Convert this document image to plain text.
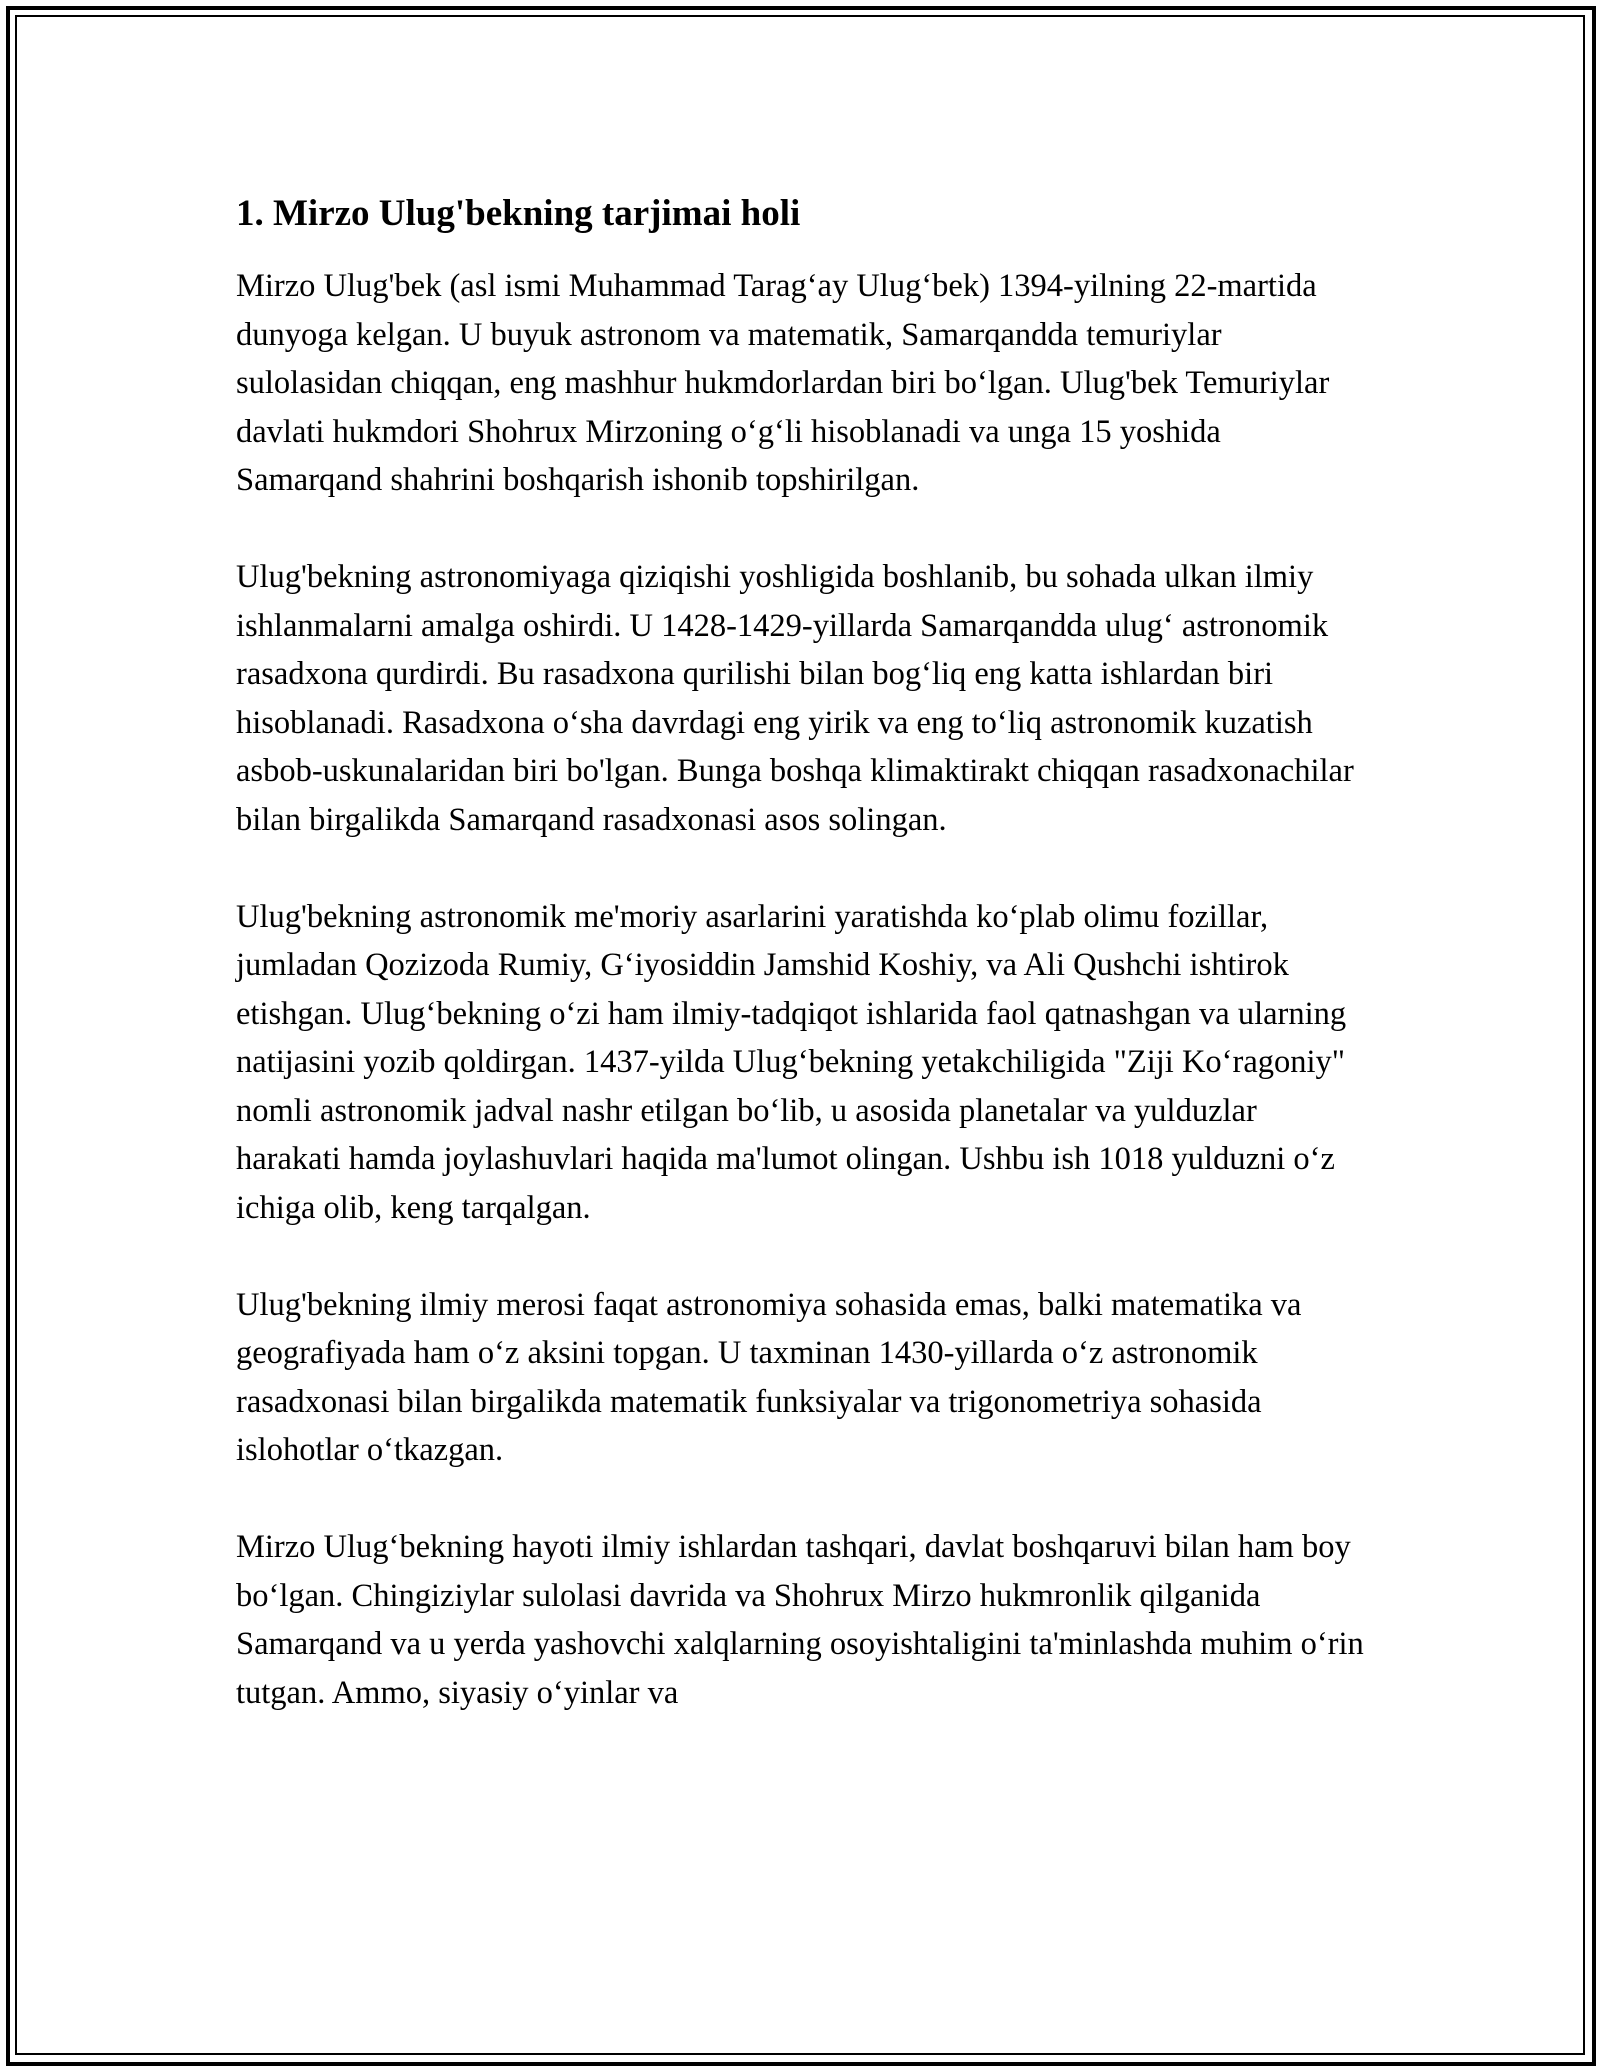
1. Mirzo Ulug'bekning tarjimai holi

Mirzo Ulug'bek (asl ismi Muhammad Tarag‘ay Ulug‘bek) 1394-yilning 22-martida dunyoga kelgan. U buyuk astronom va matematik, Samarqandda temuriylar sulolasidan chiqqan, eng mashhur hukmdorlardan biri bo‘lgan. Ulug'bek Temuriylar davlati hukmdori Shohrux Mirzoning o‘g‘li hisoblanadi va unga 15 yoshida Samarqand shahrini boshqarish ishonib topshirilgan.

Ulug'bekning astronomiyaga qiziqishi yoshligida boshlanib, bu sohada ulkan ilmiy ishlanmalarni amalga oshirdi. U 1428-1429-yillarda Samarqandda ulug‘ astronomik rasadxona qurdirdi. Bu rasadxona qurilishi bilan bog‘liq eng katta ishlardan biri hisoblanadi. Rasadxona o‘sha davrdagi eng yirik va eng to‘liq astronomik kuzatish asbob-uskunalaridan biri bo'lgan. Bunga boshqa klimaktirakt chiqqan rasadxonachilar bilan birgalikda Samarqand rasadxonasi asos solingan.

Ulug'bekning astronomik me'moriy asarlarini yaratishda ko‘plab olimu fozillar, jumladan Qozizoda Rumiy, G‘iyosiddin Jamshid Koshiy, va Ali Qushchi ishtirok etishgan. Ulug‘bekning o‘zi ham ilmiy-tadqiqot ishlarida faol qatnashgan va ularning natijasini yozib qoldirgan. 1437-yilda Ulug‘bekning yetakchiligida "Ziji Ko‘ragoniy" nomli astronomik jadval nashr etilgan bo‘lib, u asosida planetalar va yulduzlar harakati hamda joylashuvlari haqida ma'lumot olingan. Ushbu ish 1018 yulduzni o‘z ichiga olib, keng tarqalgan.

Ulug'bekning ilmiy merosi faqat astronomiya sohasida emas, balki matematika va geografiyada ham o‘z aksini topgan. U taxminan 1430-yillarda o‘z astronomik rasadxonasi bilan birgalikda matematik funksiyalar va trigonometriya sohasida islohotlar o‘tkazgan.

Mirzo Ulug‘bekning hayoti ilmiy ishlardan tashqari, davlat boshqaruvi bilan ham boy bo‘lgan. Chingiziylar sulolasi davrida va Shohrux Mirzo hukmronlik qilganida Samarqand va u yerda yashovchi xalqlarning osoyishtaligini ta'minlashda muhim o‘rin tutgan. Ammo, siyasiy o‘yinlar va
